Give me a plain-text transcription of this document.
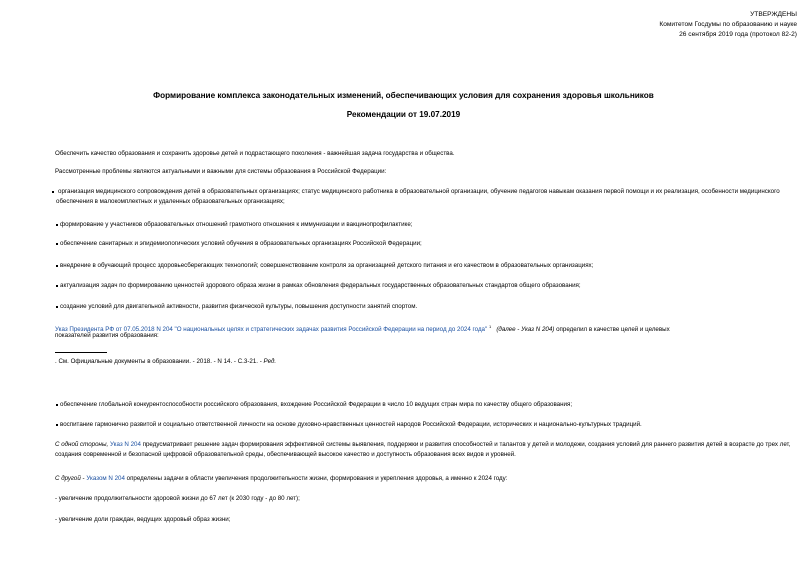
УТВЕРЖДЕНЫ
Комитетом Госдумы по образованию и науке
26 сентября 2019 года (протокол 82-2)
Формирование комплекса законодательных изменений, обеспечивающих условия для сохранения здоровья школьников
Рекомендации от 19.07.2019
Обеспечить качество образования и сохранить здоровье детей и подрастающего поколения - важнейшая задача государства и общества.
Рассмотренные проблемы являются актуальными и важными для системы образования в Российской Федерации:
организация медицинского сопровождения детей в образовательных организациях; статус медицинского работника в образовательной организации, обучение педагогов навыкам оказания первой помощи и их реализация, особенности медицинского обеспечения в малокомплектных и удаленных образовательных организациях;
формирование у участников образовательных отношений грамотного отношения к иммунизации и вакцинопрофилактике;
обеспечение санитарных и эпидемиологических условий обучения в образовательных организациях Российской Федерации;
внедрение в обучающий процесс здоровьесберегающих технологий; совершенствование контроля за организацией детского питания и его качеством в образовательных организациях;
актуализация задач по формированию ценностей здорового образа жизни в рамках обновления федеральных государственных образовательных стандартов общего образования;
создание условий для двигательной активности, развития физической культуры, повышения доступности занятий спортом.
Указ Президента РФ от 07.05.2018 N 204 "О национальных целях и стратегических задачах развития Российской Федерации на период до 2024 года" $^1$ (далее - Указ N 204) определил в качестве целей и целевых
показателей развития образования:
. См. Официальные документы в образовании. - 2018. - N 14. - С.3-21. - Ред.
обеспечение глобальной конкурентоспособности российского образования, вхождение Российской Федерации в число 10 ведущих стран мира по качеству общего образования;
воспитание гармонично развитой и социально ответственной личности на основе духовно-нравственных ценностей народов Российской Федерации, исторических и национально-культурных традиций.
С одной стороны, Указ N 204 предусматривает решение задач формирования эффективной системы выявления, поддержки и развития способностей и талантов у детей и молодежи, создания условий для раннего развития детей в возрасте до трех лет, создания современной и безопасной цифровой образовательной среды, обеспечивающей высокое качество и доступность образования всех видов и уровней.
С другой - Указом N 204 определены задачи в области увеличения продолжительности жизни, формирования и укрепления здоровья, а именно к 2024 году:
- увеличение продолжительности здоровой жизни до 67 лет (к 2030 году - до 80 лет);
- увеличение доли граждан, ведущих здоровый образ жизни;
